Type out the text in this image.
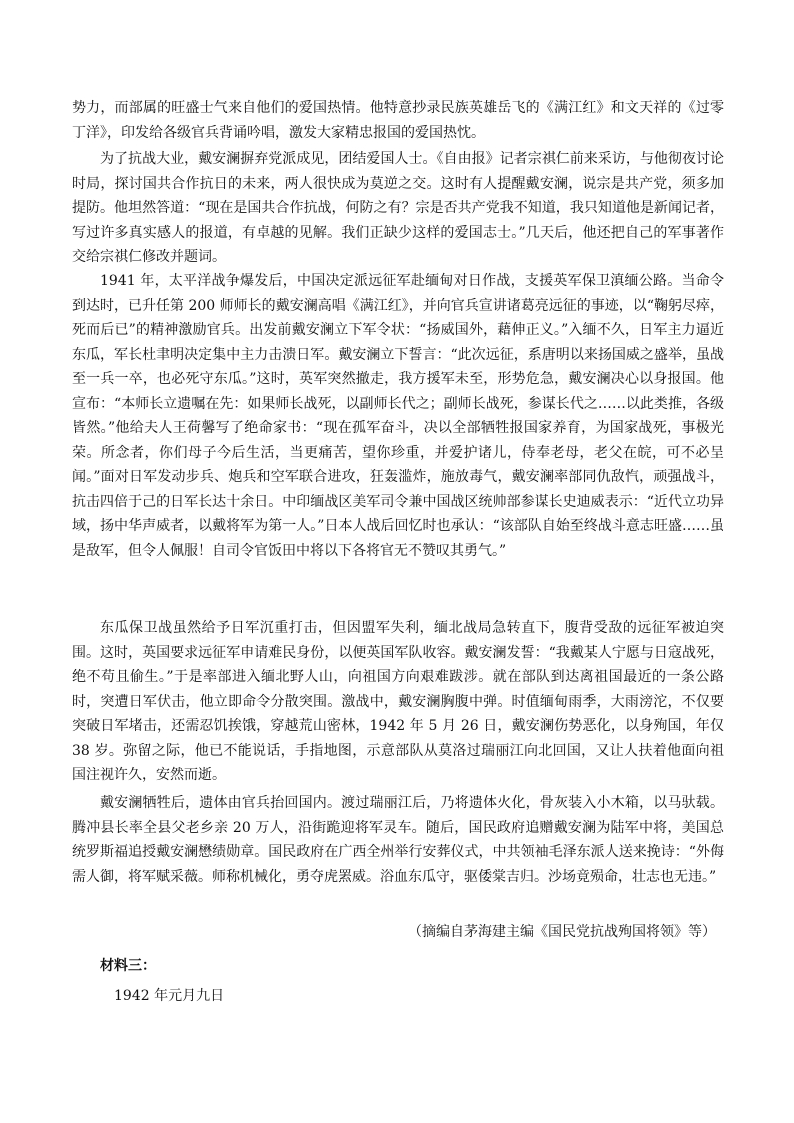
势力，而部属的旺盛士气来自他们的爱国热情。他特意抄录民族英雄岳飞的《满江红》和文天祥的《过零丁洋》，印发给各级官兵背诵吟唱，激发大家精忠报国的爱国热忱。

为了抗战大业，戴安澜摒弃党派成见，团结爱国人士。《自由报》记者宗祺仁前来采访，与他彻夜讨论时局，探讨国共合作抗日的未来，两人很快成为莫逆之交。这时有人提醒戴安澜，说宗是共产党，须多加提防。他坦然答道：“现在是国共合作抗战，何防之有？宗是否共产党我不知道，我只知道他是新闻记者，写过许多真实感人的报道，有卓越的见解。我们正缺少这样的爱国志士。”几天后，他还把自己的军事著作交给宗祺仁修改并题词。

1941 年，太平洋战争爆发后，中国决定派远征军赴缅甸对日作战，支援英军保卫滇缅公路。当命令到达时，已升任第 200 师师长的戴安澜高唱《满江红》，并向官兵宣讲诸葛亮远征的事迹，以“鞠躬尽瘁，死而后已”的精神激励官兵。出发前戴安澜立下军令状：“扬威国外，藉伸正义。”入缅不久，日军主力逼近东瓜，军长杜聿明决定集中主力击溃日军。戴安澜立下誓言：“此次远征，系唐明以来扬国威之盛举，虽战至一兵一卒，也必死守东瓜。”这时，英军突然撤走，我方援军未至，形势危急，戴安澜决心以身报国。他宣布：“本师长立遗嘱在先：如果师长战死，以副师长代之；副师长战死，参谋长代之……以此类推，各级皆然。”他给夫人王荷馨写了绝命家书：“现在孤军奋斗，决以全部牺牲报国家养育，为国家战死，事极光荣。所念者，你们母子今后生活，当更痛苦，望你珍重，并爱护诸儿，侍奉老母，老父在皖，可不必呈闻。”面对日军发动步兵、炮兵和空军联合进攻，狂轰滥炸，施放毒气，戴安澜率部同仇敌忾，顽强战斗，抗击四倍于己的日军长达十余日。中印缅战区美军司令兼中国战区统帅部参谋长史迪威表示：“近代立功异域，扬中华声威者，以戴将军为第一人。”日本人战后回忆时也承认：“该部队自始至终战斗意志旺盛……虽是敌军，但令人佩服！自司令官饭田中将以下各将官无不赞叹其勇气。”

东瓜保卫战虽然给予日军沉重打击，但因盟军失利，缅北战局急转直下，腹背受敌的远征军被迫突围。这时，英国要求远征军申请难民身份，以便英国军队收容。戴安澜发誓：“我戴某人宁愿与日寇战死，绝不苟且偷生。”于是率部进入缅北野人山，向祖国方向艰难跋涉。就在部队到达离祖国最近的一条公路时，突遭日军伏击，他立即命令分散突围。激战中，戴安澜胸腹中弹。时值缅甸雨季，大雨滂沱，不仅要突破日军堵击，还需忍饥挨饿，穿越荒山密林，1942 年 5 月 26 日，戴安澜伤势恶化，以身殉国，年仅 38 岁。弥留之际，他已不能说话，手指地图，示意部队从莫洛过瑞丽江向北回国，又让人扶着他面向祖国注视许久，安然而逝。

戴安澜牺牲后，遗体由官兵抬回国内。渡过瑞丽江后，乃将遗体火化，骨灰装入小木箱，以马驮载。腾冲县长率全县父老乡亲 20 万人，沿街跪迎将军灵车。随后，国民政府追赠戴安澜为陆军中将，美国总统罗斯福追授戴安澜懋绩勋章。国民政府在广西全州举行安葬仪式，中共领袖毛泽东派人送来挽诗：“外侮需人御，将军赋采薇。师称机械化，勇夺虎罴威。浴血东瓜守，驱倭棠吉归。沙场竟殒命，壮志也无违。”

（摘编自茅海建主编《国民党抗战殉国将领》等）
材料三：
1942 年元月九日
